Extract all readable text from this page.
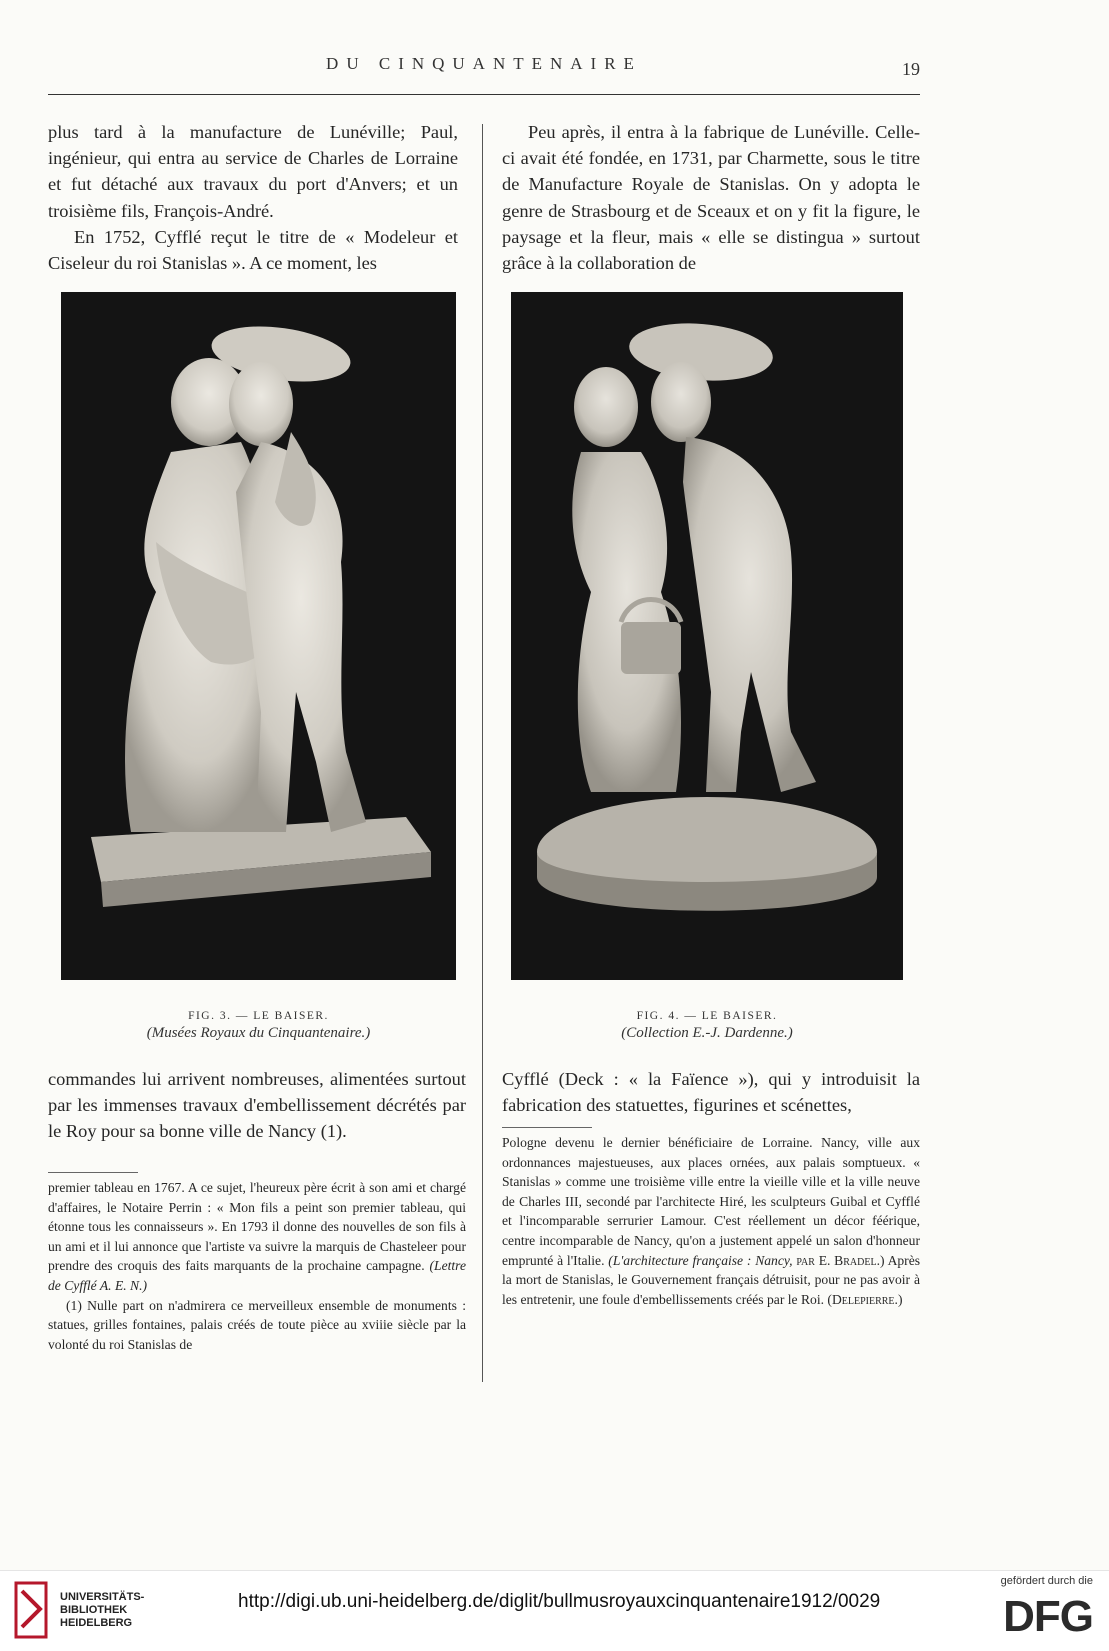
DU CINQUANTENAIRE	19

plus tard à la manufacture de Lunéville; Paul, ingénieur, qui entra au service de Charles de Lorraine et fut détaché aux travaux du port d'Anvers; et un troisième fils, François-André.

En 1752, Cyfflé reçut le titre de « Modeleur et Ciseleur du roi Stanislas ». A ce moment, les

Peu après, il entra à la fabrique de Lunéville. Celle-ci avait été fondée, en 1731, par Charmette, sous le titre de Manufacture Royale de Stanislas. On y adopta le genre de Strasbourg et de Sceaux et on y fit la figure, le paysage et la fleur, mais « elle se distingua » surtout grâce à la collaboration de

FIG. 3. — LE BAISER.
(Musées Royaux du Cinquantenaire.)
FIG. 4. — LE BAISER.
(Collection E.-J. Dardenne.)

commandes lui arrivent nombreuses, alimentées surtout par les immenses travaux d'embellissement décrétés par le Roy pour sa bonne ville de Nancy (1).

Cyfflé (Deck : « la Faïence »), qui y introduisit la fabrication des statuettes, figurines et scénettes,

premier tableau en 1767. A ce sujet, l'heureux père écrit à son ami et chargé d'affaires, le Notaire Perrin : « Mon fils a peint son premier tableau, qui étonne tous les connaisseurs ». En 1793 il donne des nouvelles de son fils à un ami et il lui annonce que l'artiste va suivre la marquis de Chasteleer pour prendre des croquis des faits marquants de la prochaine campagne. (Lettre de Cyfflé A. E. N.)

(1) Nulle part on n'admirera ce merveilleux ensemble de monuments : statues, grilles fontaines, palais créés de toute pièce au xviiie siècle par la volonté du roi Stanislas de

Pologne devenu le dernier bénéficiaire de Lorraine. Nancy, ville aux ordonnances majestueuses, aux places ornées, aux palais somptueux. « Stanislas » comme une troisième ville entre la vieille ville et la ville neuve de Charles III, secondé par l'architecte Hiré, les sculpteurs Guibal et Cyfflé et l'incomparable serrurier Lamour. C'est réellement un décor féérique, centre incomparable de Nancy, qu'on a justement appelé un salon d'honneur emprunté à l'Italie. (L'architecture française : Nancy, par E. Bradel.) Après la mort de Stanislas, le Gouvernement français détruisit, pour ne pas avoir à les entretenir, une foule d'embellissements créés par le Roi. (Delepierre.)

UNIVERSITÄTS-
BIBLIOTHEK
HEIDELBERG
http://digi.ub.uni-heidelberg.de/diglit/bullmusroyauxcinquantenaire1912/0029
gefördert durch die
DFG
